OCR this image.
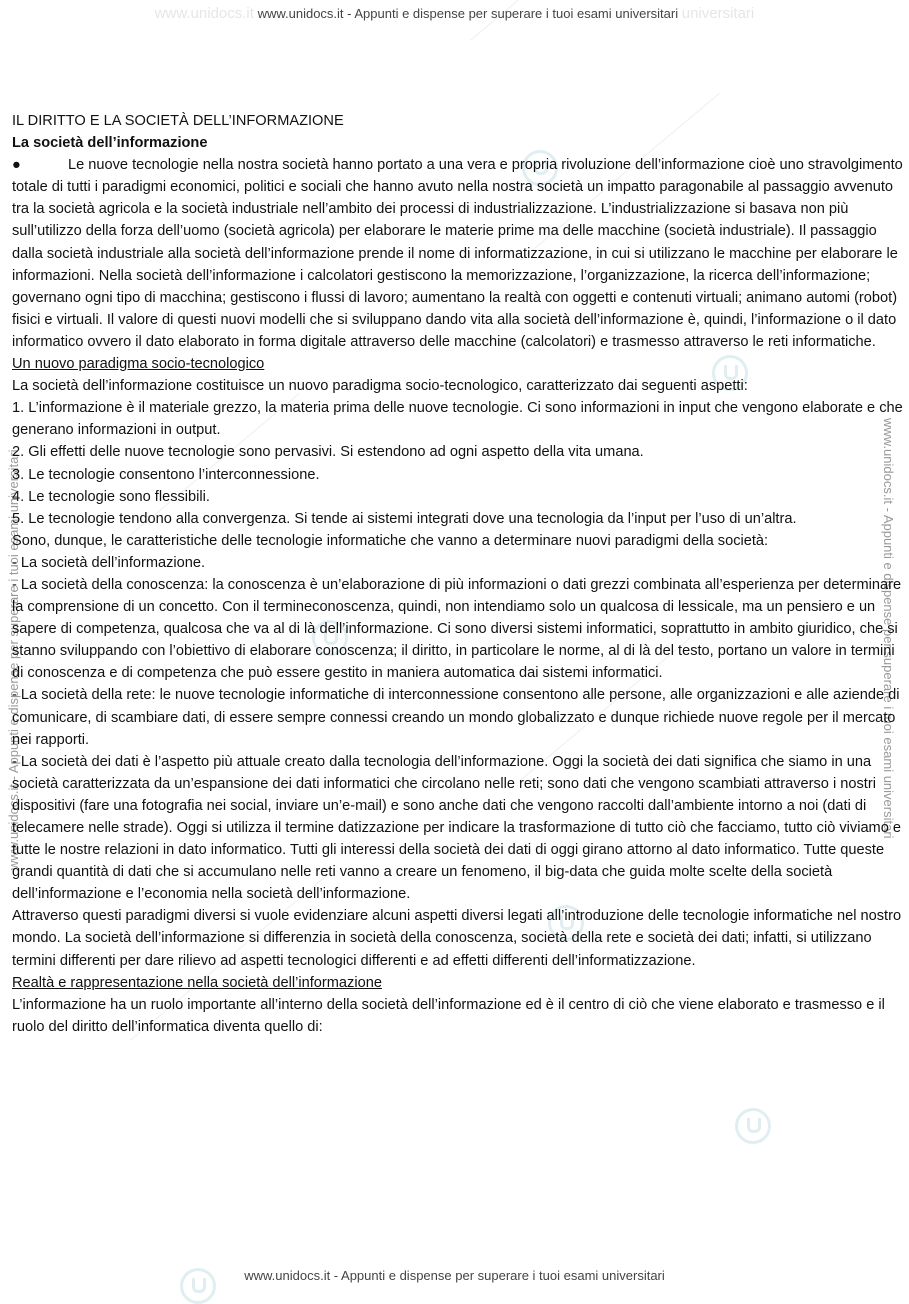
www.unidocs.it www.unidocs.it - Appunti e dispense per superare i tuoi esami universitari universitari
www.unidocs.it - Appunti e dispense per superare i tuoi esami universitari
www.unidocs.it - Appunti e dispense per superare i tuoi esami universitari

IL DIRITTO E LA SOCIETÀ DELL’INFORMAZIONE

La società dell’informazione

●	Le nuove tecnologie nella nostra società hanno portato a una vera e propria rivoluzione dell’informazione cioè uno stravolgimento totale di tutti i paradigmi economici, politici e sociali che hanno avuto nella nostra società un impatto paragonabile al passaggio avvenuto tra la società agricola e la società industriale nell’ambito dei processi di industrializzazione. L’industrializzazione si basava non più sull’utilizzo della forza dell’uomo (società agricola) per elaborare le materie prime ma delle macchine (società industriale). Il passaggio dalla società industriale alla società dell’informazione prende il nome di informatizzazione, in cui si utilizzano le macchine per elaborare le informazioni. Nella società dell’informazione i calcolatori gestiscono la memorizzazione, l’organizzazione, la ricerca dell’informazione; governano ogni tipo di macchina; gestiscono i flussi di lavoro; aumentano la realtà con oggetti e contenuti virtuali; animano automi (robot) fisici e virtuali. Il valore di questi nuovi modelli che si sviluppano dando vita alla società dell’informazione è, quindi, l’informazione o il dato informatico ovvero il dato elaborato in forma digitale attraverso delle macchine (calcolatori) e trasmesso attraverso le reti informatiche.

Un nuovo paradigma socio-tecnologico

La società dell’informazione costituisce un nuovo paradigma socio-tecnologico, caratterizzato dai seguenti aspetti:

1. L’informazione è il materiale grezzo, la materia prima delle nuove tecnologie. Ci sono informazioni in input che vengono elaborate e che generano informazioni in output.

2. Gli effetti delle nuove tecnologie sono pervasivi. Si estendono ad ogni aspetto della vita umana.

3. Le tecnologie consentono l’interconnessione.

4. Le tecnologie sono flessibili.

5. Le tecnologie tendono alla convergenza. Si tende ai sistemi integrati dove una tecnologia da l’input per l’uso di un’altra.

Sono, dunque, le caratteristiche delle tecnologie informatiche che vanno a determinare nuovi paradigmi della società:

- La società dell’informazione.

- La società della conoscenza: la conoscenza è un’elaborazione di più informazioni o dati grezzi combinata all’esperienza per determinare la comprensione di un concetto. Con il termineconoscenza, quindi, non intendiamo solo un qualcosa di lessicale, ma un pensiero e un sapere di competenza, qualcosa che va al di là dell’informazione. Ci sono diversi sistemi informatici, soprattutto in ambito giuridico, che si stanno sviluppando con l’obiettivo di elaborare conoscenza; il diritto, in particolare le norme, al di là del testo, portano un valore in termini di conoscenza e di competenza che può essere gestito in maniera automatica dai sistemi informatici.

- La società della rete: le nuove tecnologie informatiche di interconnessione consentono alle persone, alle organizzazioni e alle aziende di comunicare, di scambiare dati, di essere sempre connessi creando un mondo globalizzato e dunque richiede nuove regole per il mercato nei rapporti.

- La società dei dati è l’aspetto più attuale creato dalla tecnologia dell’informazione. Oggi la società dei dati significa che siamo in una società caratterizzata da un’espansione dei dati informatici che circolano nelle reti; sono dati che vengono scambiati attraverso i nostri dispositivi (fare una fotografia nei social, inviare un’e-mail) e sono anche dati che vengono raccolti dall’ambiente intorno a noi (dati di telecamere nelle strade). Oggi si utilizza il termine datizzazione per indicare la trasformazione di tutto ciò che facciamo, tutto ciò viviamo e tutte le nostre relazioni in dato informatico. Tutti gli interessi della società dei dati di oggi girano attorno al dato informatico. Tutte queste grandi quantità di dati che si accumulano nelle reti vanno a creare un fenomeno, il big-data che guida molte scelte della società dell’informazione e l’economia nella società dell’informazione.

Attraverso questi paradigmi diversi si vuole evidenziare alcuni aspetti diversi legati all’introduzione delle tecnologie informatiche nel nostro mondo. La società dell’informazione si differenzia in società della conoscenza, società della rete e società dei dati; infatti, si utilizzano termini differenti per dare rilievo ad aspetti tecnologici differenti e ad effetti differenti dell’informatizzazione.

Realtà e rappresentazione nella società dell’informazione

L’informazione ha un ruolo importante all’interno della società dell’informazione ed è il centro di ciò che viene elaborato e trasmesso e il ruolo del diritto dell’informatica diventa quello di:

www.unidocs.it - Appunti e dispense per superare i tuoi esami universitari
